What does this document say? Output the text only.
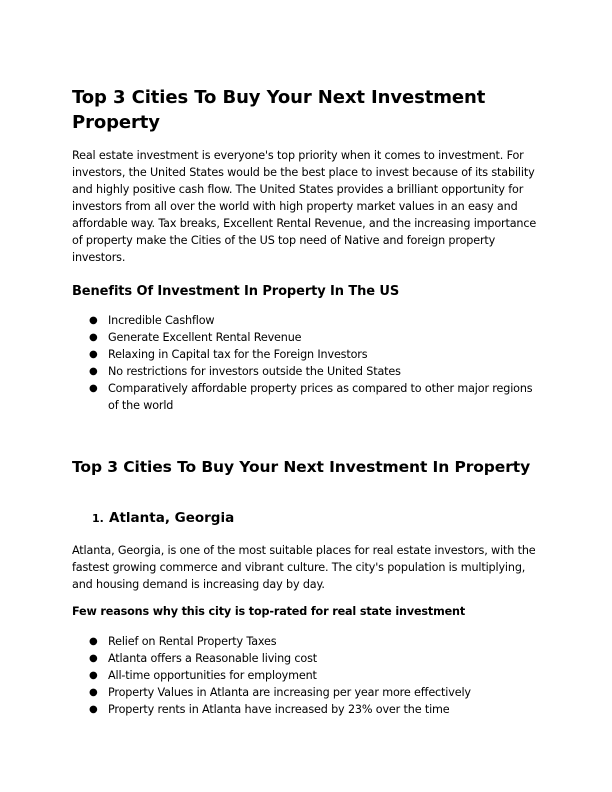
Top 3 Cities To Buy Your Next Investment Property

Real estate investment is everyone's top priority when it comes to investment. For investors, the United States would be the best place to invest because of its stability and highly positive cash flow. The United States provides a brilliant opportunity for investors from all over the world with high property market values in an easy and affordable way. Tax breaks, Excellent Rental Revenue, and the increasing importance of property make the Cities of the US top need of Native and foreign property investors.

Benefits Of Investment In Property In The US
● Incredible Cashflow
● Generate Excellent Rental Revenue
● Relaxing in Capital tax for the Foreign Investors
● No restrictions for investors outside the United States
● Comparatively affordable property prices as compared to other major regions of the world
Top 3 Cities To Buy Your Next Investment In Property
1. Atlanta, Georgia

Atlanta, Georgia, is one of the most suitable places for real estate investors, with the fastest growing commerce and vibrant culture. The city's population is multiplying, and housing demand is increasing day by day.

Few reasons why this city is top-rated for real state investment

● Relief on Rental Property Taxes
● Atlanta offers a Reasonable living cost
● All-time opportunities for employment
● Property Values in Atlanta are increasing per year more effectively
● Property rents in Atlanta have increased by 23% over the time
